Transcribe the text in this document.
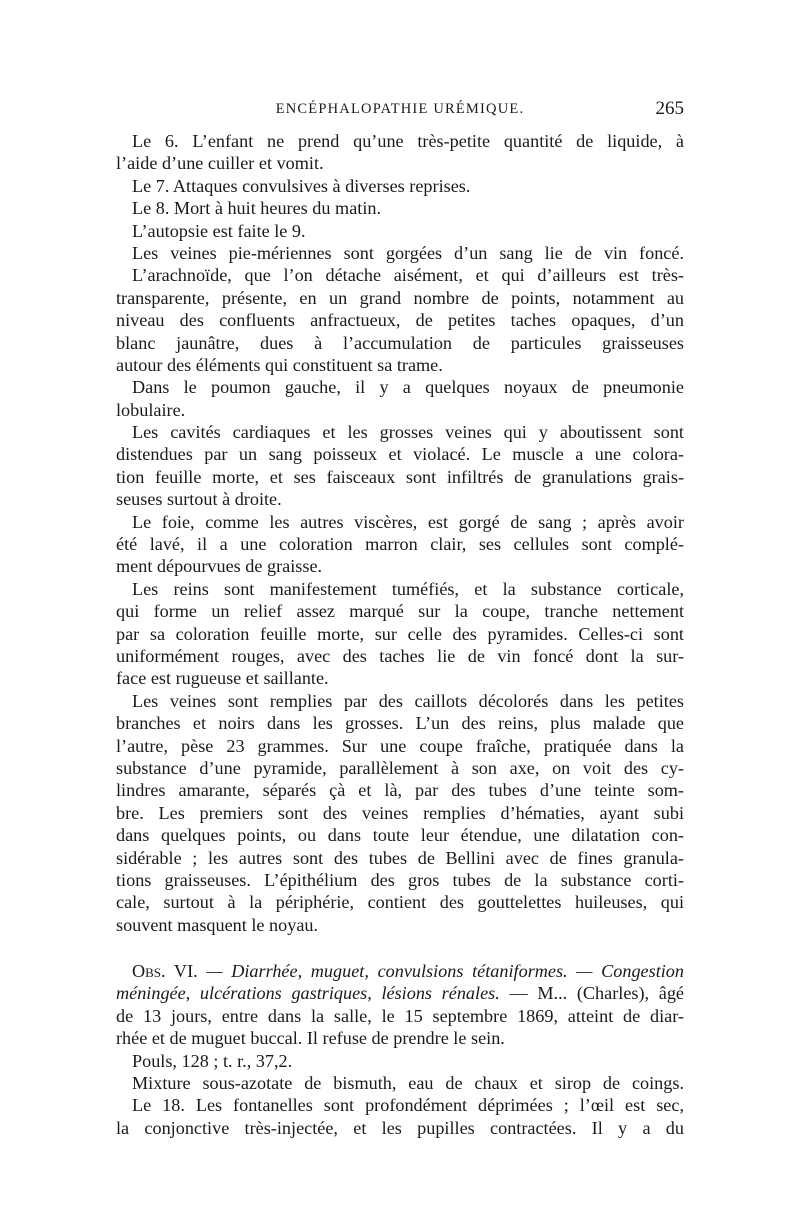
ENCÉPHALOPATHIE URÉMIQUE.	265
Le 6. L’enfant ne prend qu’une très-petite quantité de liquide, à
l’aide d’une cuiller et vomit.
Le 7. Attaques convulsives à diverses reprises.
Le 8. Mort à huit heures du matin.
L’autopsie est faite le 9.
Les veines pie-mériennes sont gorgées d’un sang lie de vin foncé.
L’arachnoïde, que l’on détache aisément, et qui d’ailleurs est très-
transparente, présente, en un grand nombre de points, notamment au
niveau des confluents anfractueux, de petites taches opaques, d’un
blanc jaunâtre, dues à l’accumulation de particules graisseuses
autour des éléments qui constituent sa trame.
Dans le poumon gauche, il y a quelques noyaux de pneumonie
lobulaire.
Les cavités cardiaques et les grosses veines qui y aboutissent sont
distendues par un sang poisseux et violacé. Le muscle a une colora-
tion feuille morte, et ses faisceaux sont infiltrés de granulations grais-
seuses surtout à droite.
Le foie, comme les autres viscères, est gorgé de sang ; après avoir
été lavé, il a une coloration marron clair, ses cellules sont complé-
ment dépourvues de graisse.
Les reins sont manifestement tuméfiés, et la substance corticale,
qui forme un relief assez marqué sur la coupe, tranche nettement
par sa coloration feuille morte, sur celle des pyramides. Celles-ci sont
uniformément rouges, avec des taches lie de vin foncé dont la sur-
face est rugueuse et saillante.
Les veines sont remplies par des caillots décolorés dans les petites
branches et noirs dans les grosses. L’un des reins, plus malade que
l’autre, pèse 23 grammes. Sur une coupe fraîche, pratiquée dans la
substance d’une pyramide, parallèlement à son axe, on voit des cy-
lindres amarante, séparés çà et là, par des tubes d’une teinte som-
bre. Les premiers sont des veines remplies d’hématies, ayant subi
dans quelques points, ou dans toute leur étendue, une dilatation con-
sidérable ; les autres sont des tubes de Bellini avec de fines granula-
tions graisseuses. L’épithélium des gros tubes de la substance corti-
cale, surtout à la périphérie, contient des gouttelettes huileuses, qui
souvent masquent le noyau.
Obs. VI. — Diarrhée, muguet, convulsions tétaniformes. — Congestion
méningée, ulcérations gastriques, lésions rénales. — M... (Charles), âgé
de 13 jours, entre dans la salle, le 15 septembre 1869, atteint de diar-
rhée et de muguet buccal. Il refuse de prendre le sein.
Pouls, 128 ; t. r., 37,2.
Mixture sous-azotate de bismuth, eau de chaux et sirop de coings.
Le 18. Les fontanelles sont profondément déprimées ; l’œil est sec,
la conjonctive très-injectée, et les pupilles contractées. Il y a du
